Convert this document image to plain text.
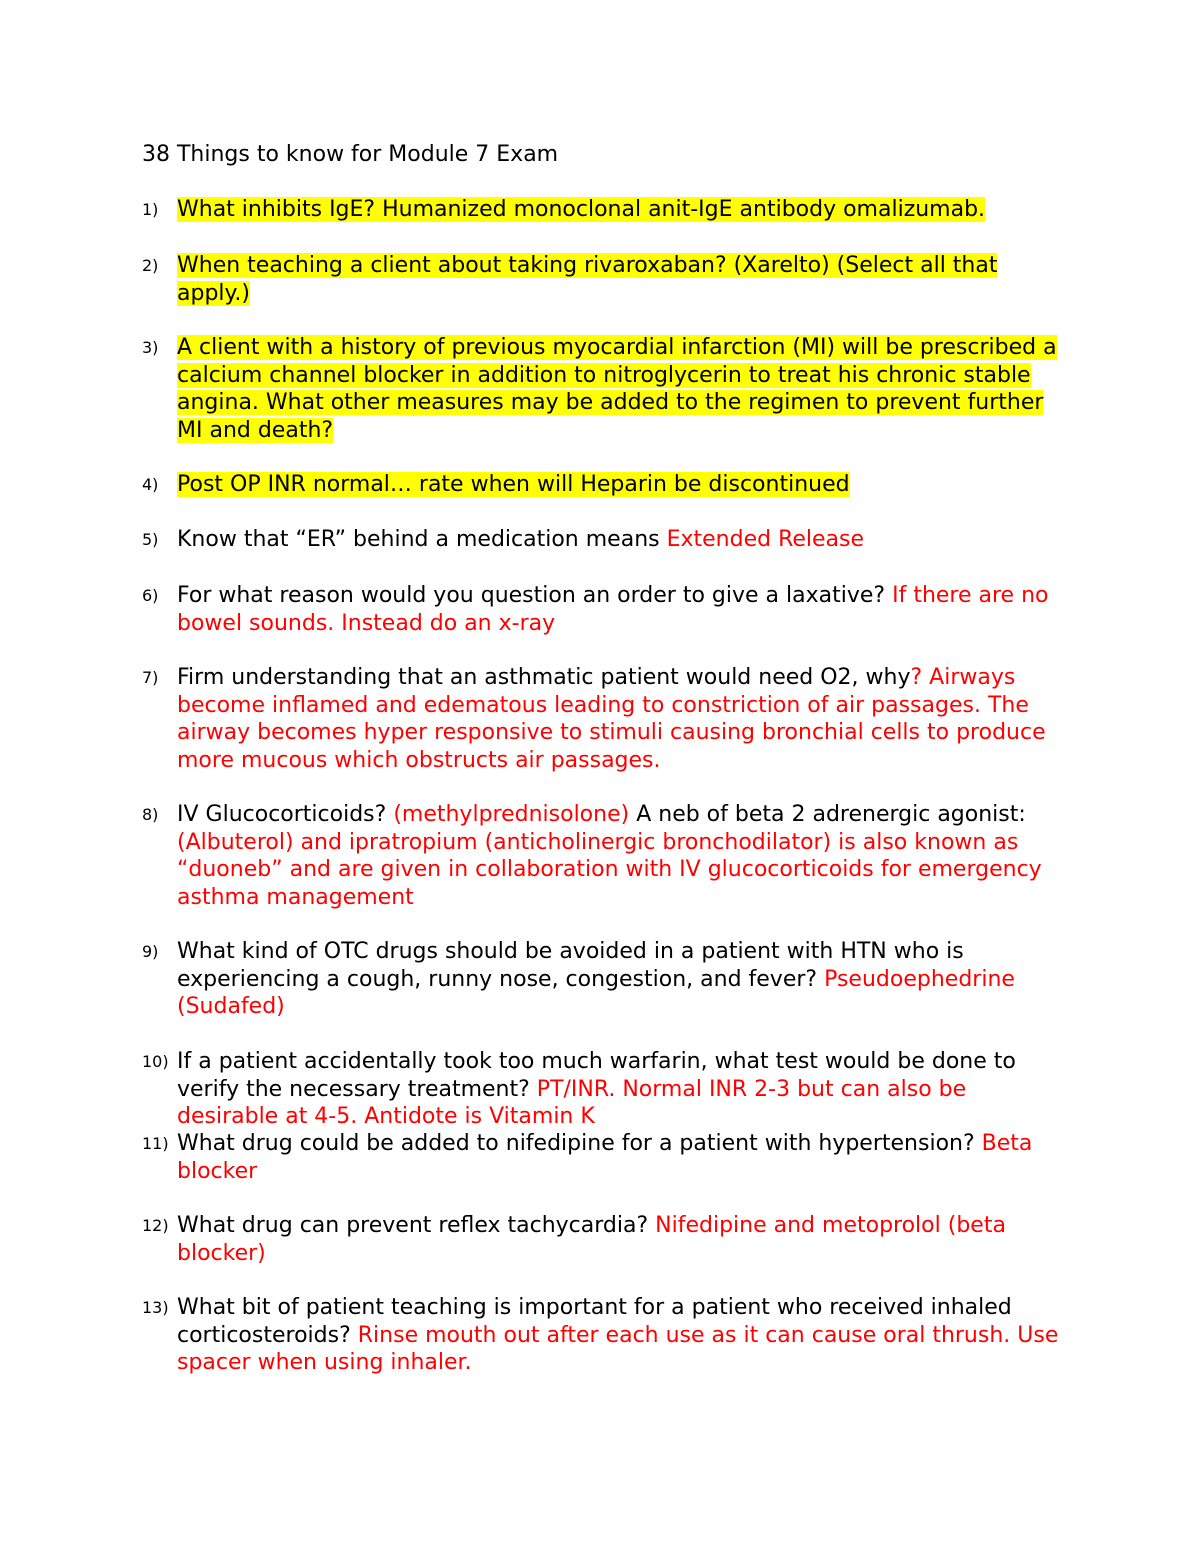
38 Things to know for Module 7 Exam
1) What inhibits IgE? Humanized monoclonal anit-IgE antibody omalizumab.
2) When teaching a client about taking rivaroxaban? (Xarelto) (Select all that apply.)
3) A client with a history of previous myocardial infarction (MI) will be prescribed a calcium channel blocker in addition to nitroglycerin to treat his chronic stable angina. What other measures may be added to the regimen to prevent further MI and death?
4) Post OP INR normal… rate when will Heparin be discontinued
5) Know that “ER” behind a medication means Extended Release
6) For what reason would you question an order to give a laxative? If there are no bowel sounds. Instead do an x-ray
7) Firm understanding that an asthmatic patient would need O2, why? Airways become inflamed and edematous leading to constriction of air passages. The airway becomes hyper responsive to stimuli causing bronchial cells to produce more mucous which obstructs air passages.
8) IV Glucocorticoids? (methylprednisolone) A neb of beta 2 adrenergic agonist: (Albuterol) and ipratropium (anticholinergic bronchodilator) is also known as “duoneb” and are given in collaboration with IV glucocorticoids for emergency asthma management
9) What kind of OTC drugs should be avoided in a patient with HTN who is experiencing a cough, runny nose, congestion, and fever? Pseudoephedrine (Sudafed)
10) If a patient accidentally took too much warfarin, what test would be done to verify the necessary treatment? PT/INR. Normal INR 2-3 but can also be desirable at 4-5. Antidote is Vitamin K
11) What drug could be added to nifedipine for a patient with hypertension? Beta blocker
12) What drug can prevent reflex tachycardia? Nifedipine and metoprolol (beta blocker)
13) What bit of patient teaching is important for a patient who received inhaled corticosteroids? Rinse mouth out after each use as it can cause oral thrush. Use spacer when using inhaler.
